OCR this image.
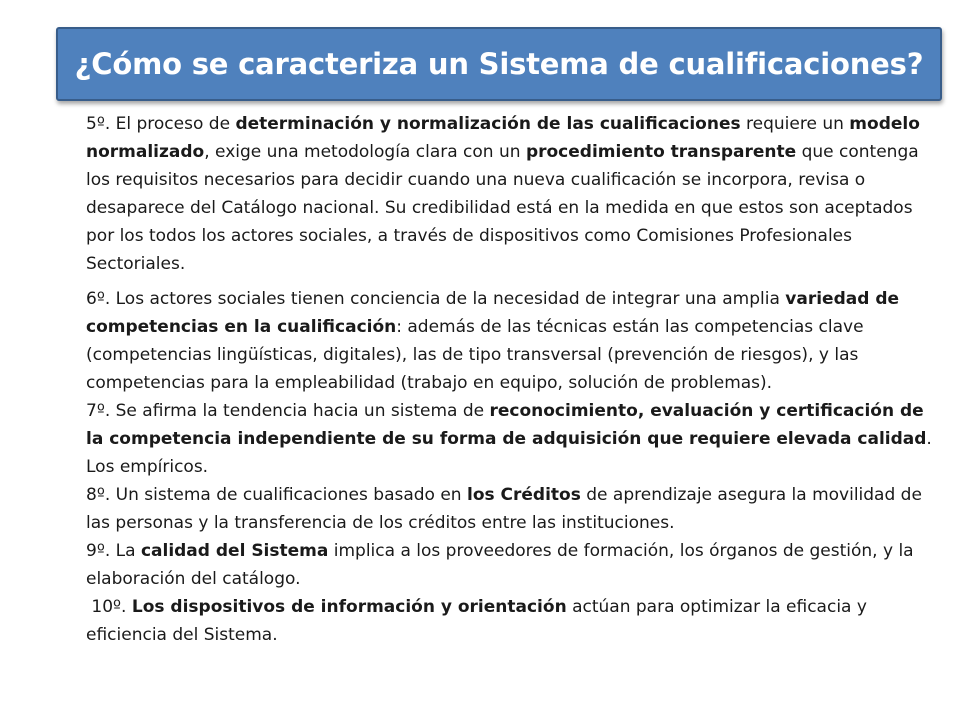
¿Cómo se caracteriza un Sistema de cualificaciones?

5º. El proceso de determinación y normalización de las cualificaciones requiere un modelo normalizado, exige una metodología clara con un procedimiento transparente que contenga los requisitos necesarios para decidir cuando una nueva cualificación se incorpora, revisa o desaparece del Catálogo nacional. Su credibilidad está en la medida en que estos son aceptados por los todos los actores sociales, a través de dispositivos como Comisiones Profesionales Sectoriales.

6º. Los actores sociales tienen conciencia de la necesidad de integrar una amplia variedad de competencias en la cualificación: además de las técnicas están las competencias clave (competencias lingüísticas, digitales), las de tipo transversal (prevención de riesgos), y las competencias para la empleabilidad (trabajo en equipo, solución de problemas).

7º. Se afirma la tendencia hacia un sistema de reconocimiento, evaluación y certificación de la competencia independiente de su forma de adquisición que requiere elevada calidad. Los empíricos.

8º. Un sistema de cualificaciones basado en los Créditos de aprendizaje asegura la movilidad de las personas y la transferencia de los créditos entre las instituciones.

9º. La calidad del Sistema implica a los proveedores de formación, los órganos de gestión, y la elaboración del catálogo.

10º. Los dispositivos de información y orientación actúan para optimizar la eficacia y eficiencia del Sistema.
